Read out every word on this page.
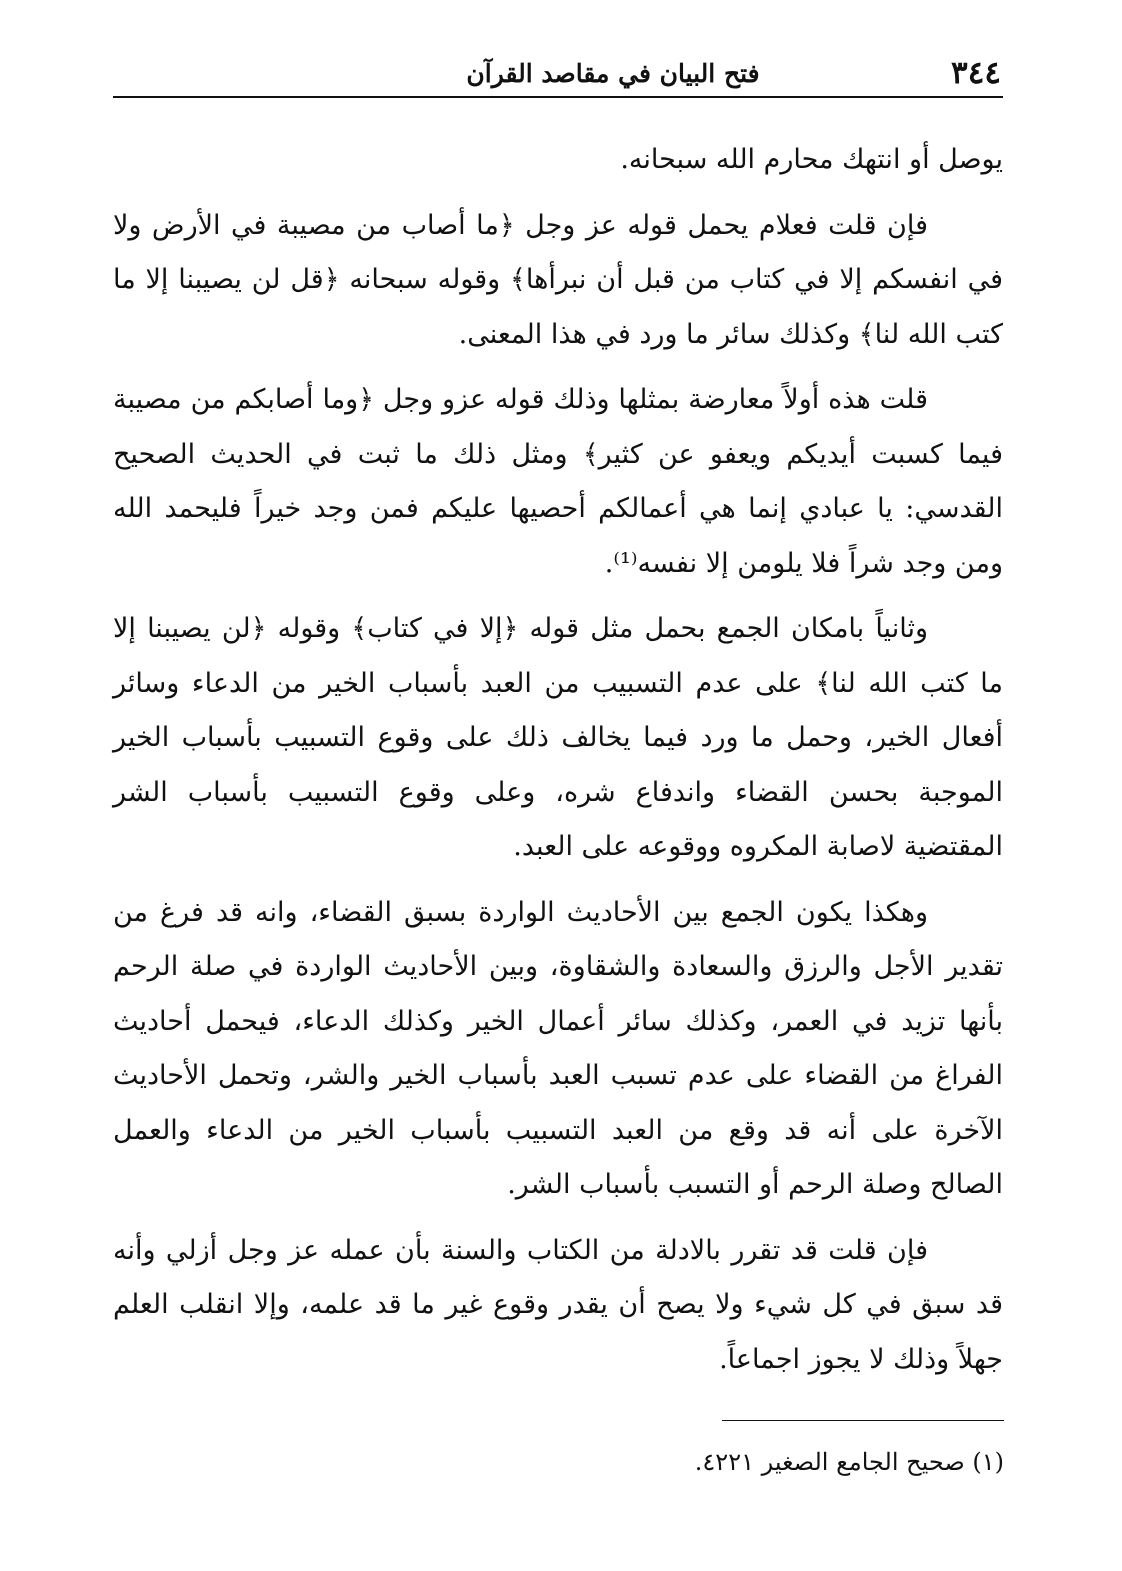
٣٤٤
فتح البيان في مقاصد القرآن

يوصل أو انتهك محارم الله سبحانه.

فإن قلت فعلام يحمل قوله عز وجل ﴿ما أصاب من مصيبة في الأرض ولا في انفسكم إلا في كتاب من قبل أن نبرأها﴾ وقوله سبحانه ﴿قل لن يصيبنا إلا ما كتب الله لنا﴾ وكذلك سائر ما ورد في هذا المعنى.

قلت هذه أولاً معارضة بمثلها وذلك قوله عزو وجل ﴿وما أصابكم من مصيبة فيما كسبت أيديكم ويعفو عن كثير﴾ ومثل ذلك ما ثبت في الحديث الصحيح القدسي: يا عبادي إنما هي أعمالكم أحصيها عليكم فمن وجد خيراً فليحمد الله ومن وجد شراً فلا يلومن إلا نفسه⁽¹⁾.

وثانياً بامكان الجمع بحمل مثل قوله ﴿إلا في كتاب﴾ وقوله ﴿لن يصيبنا إلا ما كتب الله لنا﴾ على عدم التسبيب من العبد بأسباب الخير من الدعاء وسائر أفعال الخير، وحمل ما ورد فيما يخالف ذلك على وقوع التسبيب بأسباب الخير الموجبة بحسن القضاء واندفاع شره، وعلى وقوع التسبيب بأسباب الشر المقتضية لاصابة المكروه ووقوعه على العبد.

وهكذا يكون الجمع بين الأحاديث الواردة بسبق القضاء، وانه قد فرغ من تقدير الأجل والرزق والسعادة والشقاوة، وبين الأحاديث الواردة في صلة الرحم بأنها تزيد في العمر، وكذلك سائر أعمال الخير وكذلك الدعاء، فيحمل أحاديث الفراغ من القضاء على عدم تسبب العبد بأسباب الخير والشر، وتحمل الأحاديث الآخرة على أنه قد وقع من العبد التسبيب بأسباب الخير من الدعاء والعمل الصالح وصلة الرحم أو التسبب بأسباب الشر.

فإن قلت قد تقرر بالادلة من الكتاب والسنة بأن عمله عز وجل أزلي وأنه قد سبق في كل شيء ولا يصح أن يقدر وقوع غير ما قد علمه، وإلا انقلب العلم جهلاً وذلك لا يجوز اجماعاً.

(١) صحيح الجامع الصغير ٤٢٢١.
